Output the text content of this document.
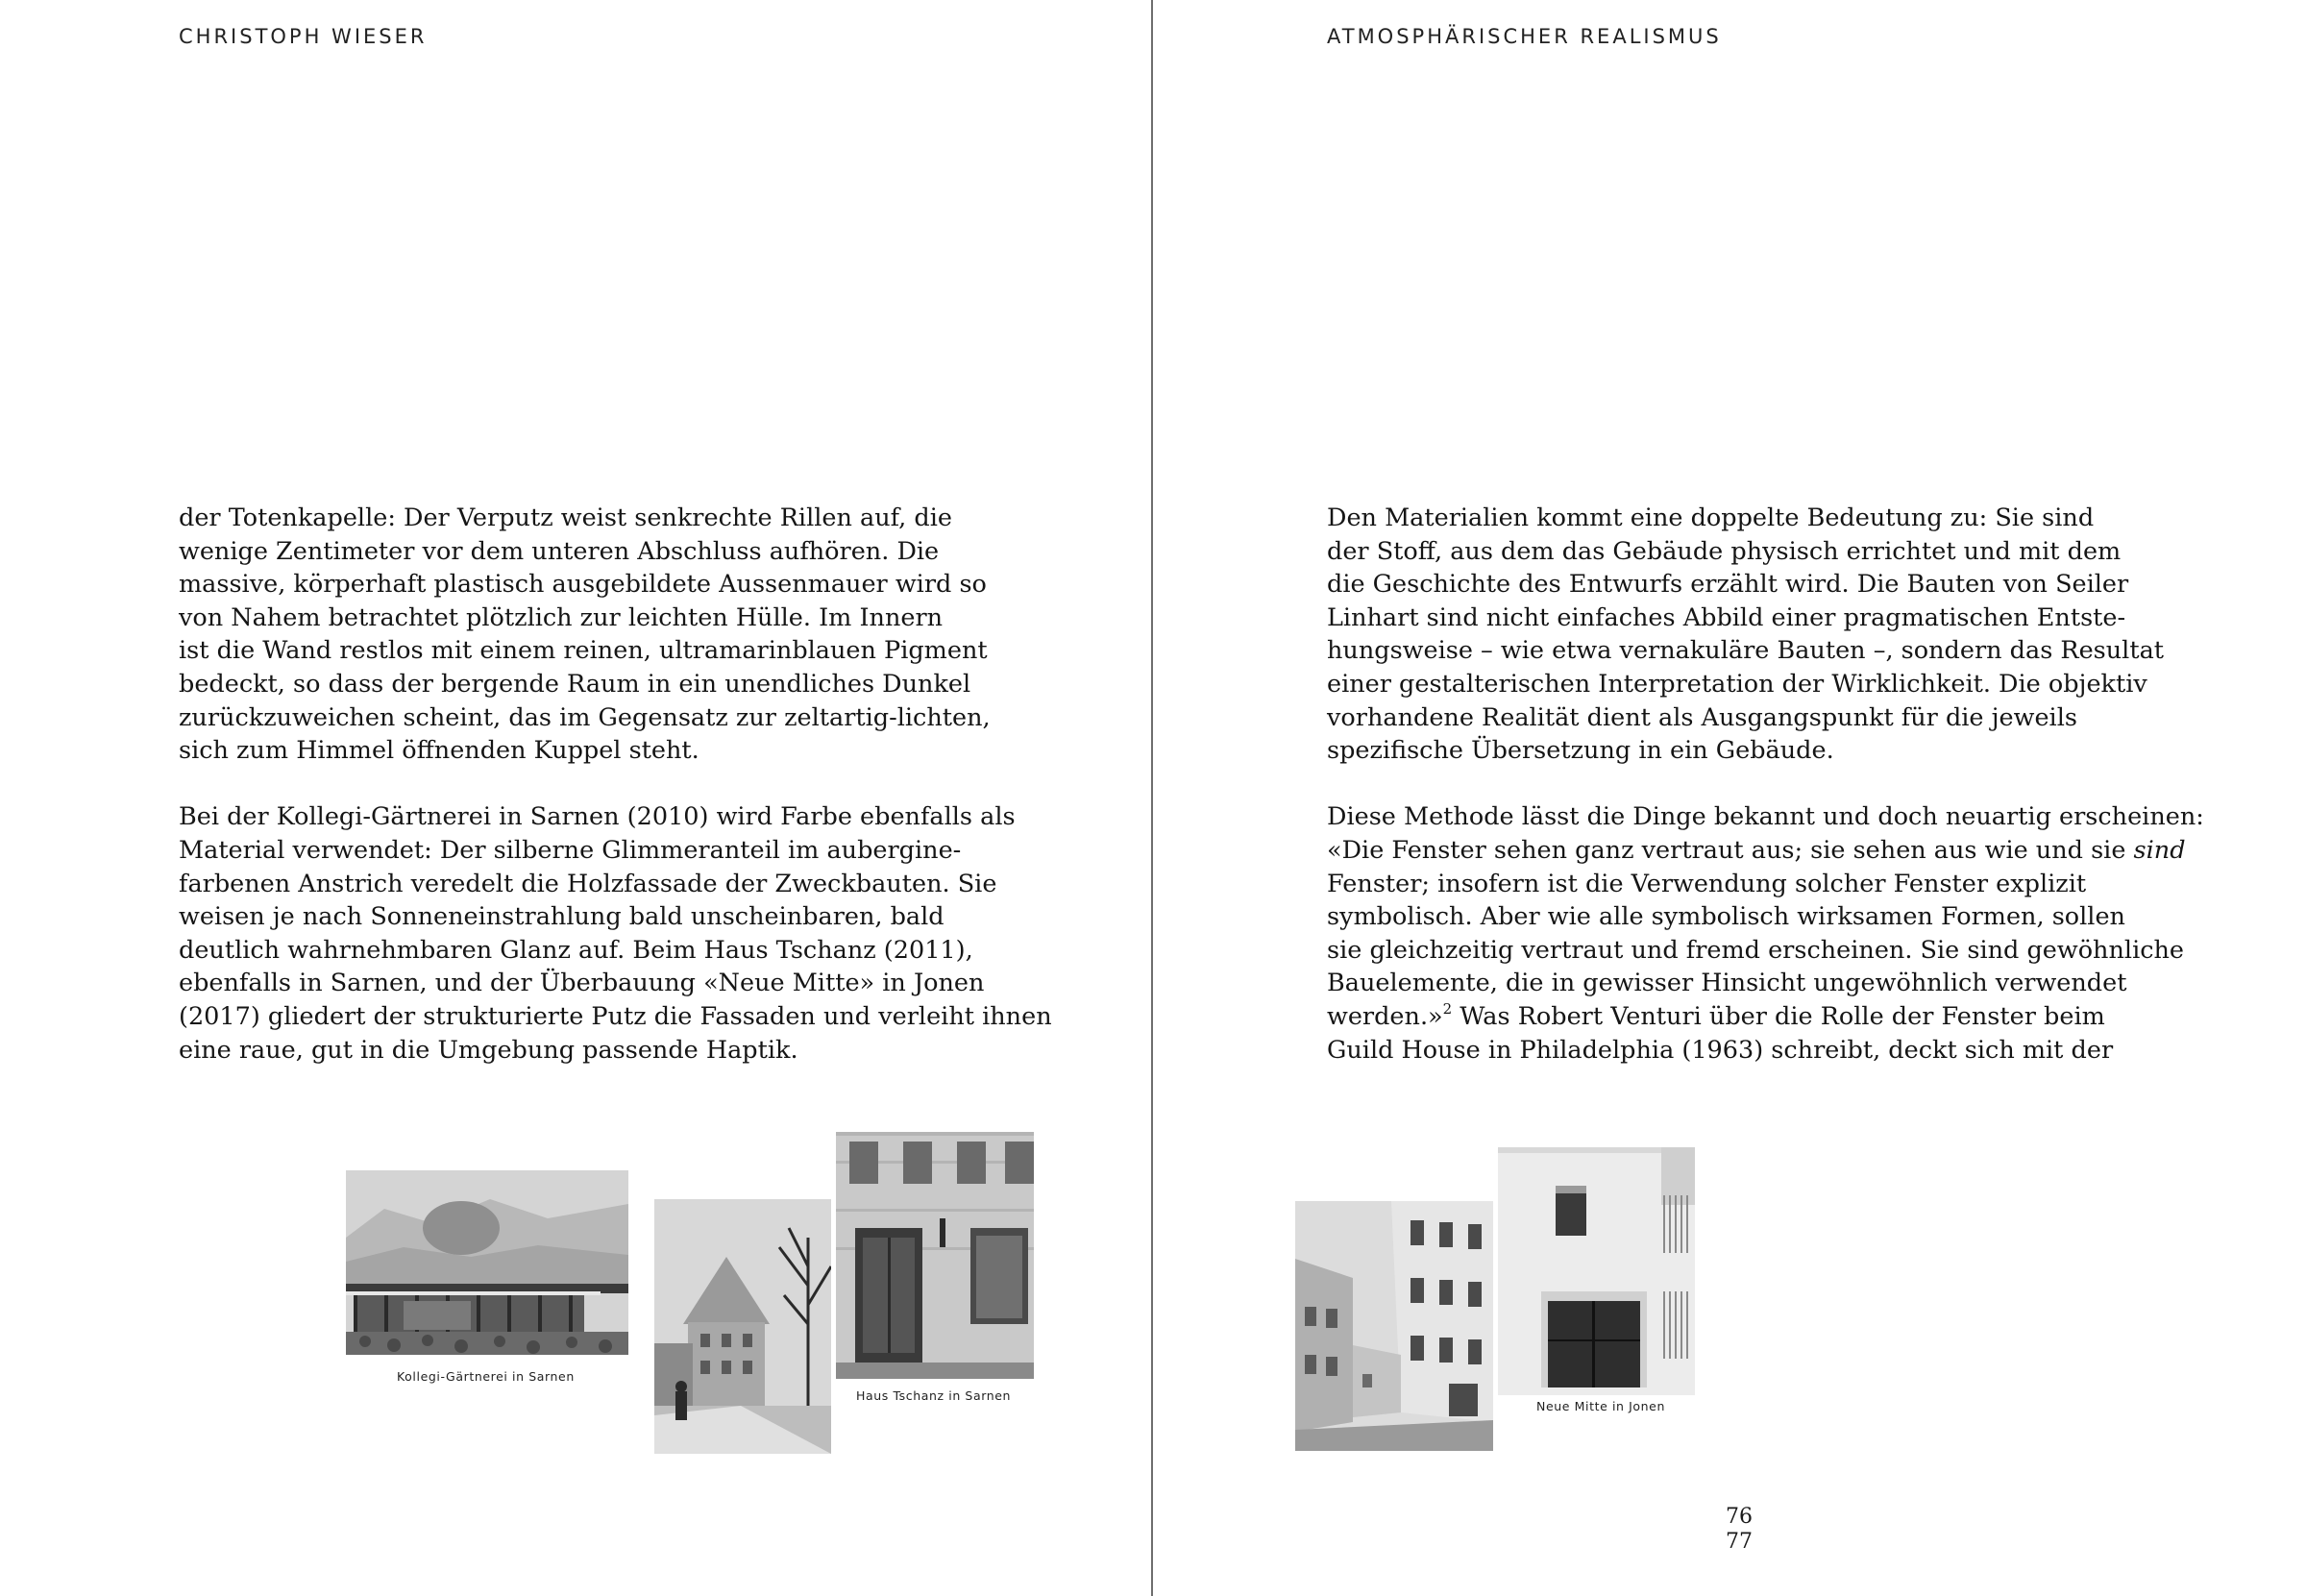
CHRISTOPH WIESER
der Totenkapelle: Der Verputz weist senkrechte Rillen auf, die
wenige Zentimeter vor dem unteren Abschluss aufhören. Die
massive, körperhaft plastisch ausgebildete Aussenmauer wird so
von Nahem betrachtet plötzlich zur leichten Hülle. Im Innern
ist die Wand restlos mit einem reinen, ultramarinblauen Pigment
bedeckt, so dass der bergende Raum in ein unendliches Dunkel
zurückzuweichen scheint, das im Gegensatz zur zeltartig-lichten,
sich zum Himmel öffnenden Kuppel steht.
Bei der Kollegi-Gärtnerei in Sarnen (2010) wird Farbe ebenfalls als
Material verwendet: Der silberne Glimmeranteil im aubergine-
farbenen Anstrich veredelt die Holzfassade der Zweckbauten. Sie
weisen je nach Sonneneinstrahlung bald unscheinbaren, bald
deutlich wahrnehmbaren Glanz auf. Beim Haus Tschanz (2011),
ebenfalls in Sarnen, und der Überbauung «Neue Mitte» in Jonen
(2017) gliedert der strukturierte Putz die Fassaden und verleiht ihnen
eine raue, gut in die Umgebung passende Haptik.
Kollegi-Gärtnerei in Sarnen
Haus Tschanz in Sarnen
76
ATMOSPHÄRISCHER REALISMUS
Den Materialien kommt eine doppelte Bedeutung zu: Sie sind
der Stoff, aus dem das Gebäude physisch errichtet und mit dem
die Geschichte des Entwurfs erzählt wird. Die Bauten von Seiler
Linhart sind nicht einfaches Abbild einer pragmatischen Entste-
hungsweise – wie etwa vernakuläre Bauten –, sondern das Resultat
einer gestalterischen Interpretation der Wirklichkeit. Die objektiv
vorhandene Realität dient als Ausgangspunkt für die jeweils
spezifische Übersetzung in ein Gebäude.
Diese Methode lässt die Dinge bekannt und doch neuartig erscheinen:
«Die Fenster sehen ganz vertraut aus; sie sehen aus wie und sie sind
Fenster; insofern ist die Verwendung solcher Fenster explizit
symbolisch. Aber wie alle symbolisch wirksamen Formen, sollen
sie gleichzeitig vertraut und fremd erscheinen. Sie sind gewöhnliche
Bauelemente, die in gewisser Hinsicht ungewöhnlich verwendet
werden.»$^2$ Was Robert Venturi über die Rolle der Fenster beim
Guild House in Philadelphia (1963) schreibt, deckt sich mit der
Neue Mitte in Jonen
77
